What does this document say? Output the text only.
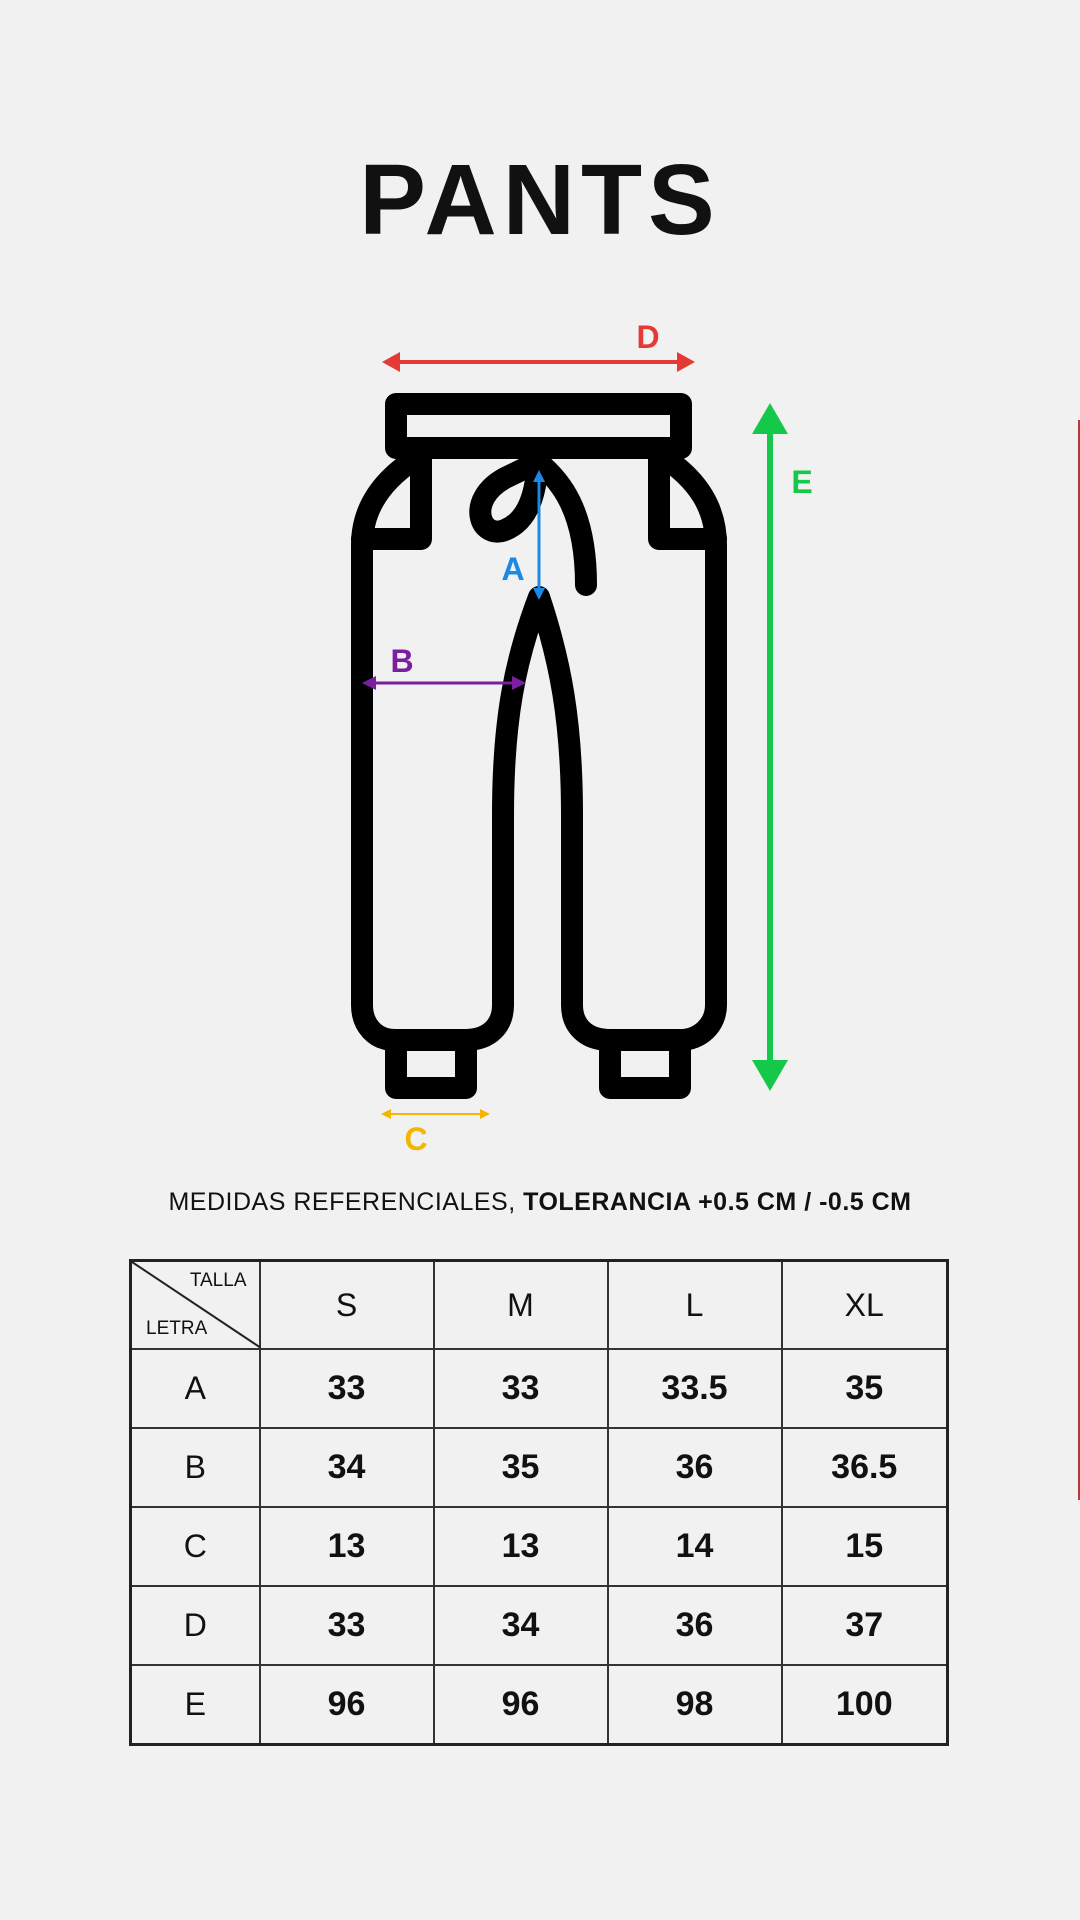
PANTS
D
E
A
B
C
MEDIDAS REFERENCIALES, TOLERANCIA +0.5 CM / -0.5 CM
TALLA
LETRA	S	M	L	XL
A	33	33	33.5	35
B	34	35	36	36.5
C	13	13	14	15
D	33	34	36	37
E	96	96	98	100
